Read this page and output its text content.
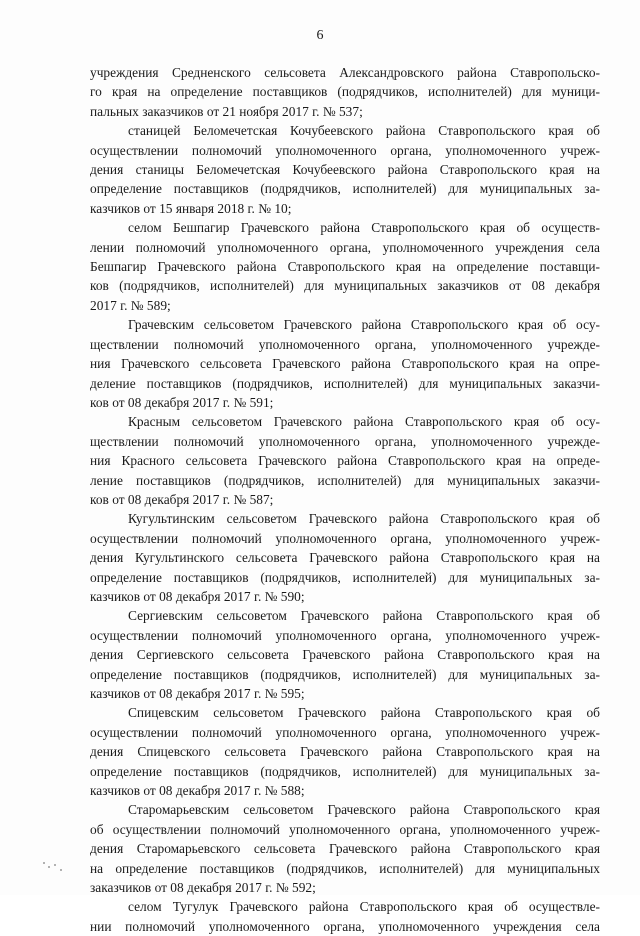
6
учреждения Средненского сельсовета Александровского района Ставропольско-
го края на определение поставщиков (подрядчиков, исполнителей) для муници-
пальных заказчиков от 21 ноября 2017 г. № 537;
станицей Беломечетская Кочубеевского района Ставропольского края об
осуществлении полномочий уполномоченного органа, уполномоченного учреж-
дения станицы Беломечетская Кочубеевского района Ставропольского края на
определение поставщиков (подрядчиков, исполнителей) для муниципальных за-
казчиков от 15 января 2018 г. № 10;
селом Бешпагир Грачевского района Ставропольского края об осуществ-
лении полномочий уполномоченного органа, уполномоченного учреждения села
Бешпагир Грачевского района Ставропольского края на определение поставщи-
ков (подрядчиков, исполнителей) для муниципальных заказчиков от 08 декабря
2017 г. № 589;
Грачевским сельсоветом Грачевского района Ставропольского края об осу-
ществлении полномочий уполномоченного органа, уполномоченного учрежде-
ния Грачевского сельсовета Грачевского района Ставропольского края на опре-
деление поставщиков (подрядчиков, исполнителей) для муниципальных заказчи-
ков от 08 декабря 2017 г. № 591;
Красным сельсоветом Грачевского района Ставропольского края об осу-
ществлении полномочий уполномоченного органа, уполномоченного учрежде-
ния Красного сельсовета Грачевского района Ставропольского края на опреде-
ление поставщиков (подрядчиков, исполнителей) для муниципальных заказчи-
ков от 08 декабря 2017 г. № 587;
Кугультинским сельсоветом Грачевского района Ставропольского края об
осуществлении полномочий уполномоченного органа, уполномоченного учреж-
дения Кугультинского сельсовета Грачевского района Ставропольского края на
определение поставщиков (подрядчиков, исполнителей) для муниципальных за-
казчиков от 08 декабря 2017 г. № 590;
Сергиевским сельсоветом Грачевского района Ставропольского края об
осуществлении полномочий уполномоченного органа, уполномоченного учреж-
дения Сергиевского сельсовета Грачевского района Ставропольского края на
определение поставщиков (подрядчиков, исполнителей) для муниципальных за-
казчиков от 08 декабря 2017 г. № 595;
Спицевским сельсоветом Грачевского района Ставропольского края об
осуществлении полномочий уполномоченного органа, уполномоченного учреж-
дения Спицевского сельсовета Грачевского района Ставропольского края на
определение поставщиков (подрядчиков, исполнителей) для муниципальных за-
казчиков от 08 декабря 2017 г. № 588;
Старомарьевским сельсоветом Грачевского района Ставропольского края
об осуществлении полномочий уполномоченного органа, уполномоченного учреж-
дения Старомарьевского сельсовета Грачевского района Ставропольского края
на определение поставщиков (подрядчиков, исполнителей) для муниципальных
заказчиков от 08 декабря 2017 г. № 592;
селом Тугулук Грачевского района Ставропольского края об осуществле-
нии полномочий уполномоченного органа, уполномоченного учреждения села
